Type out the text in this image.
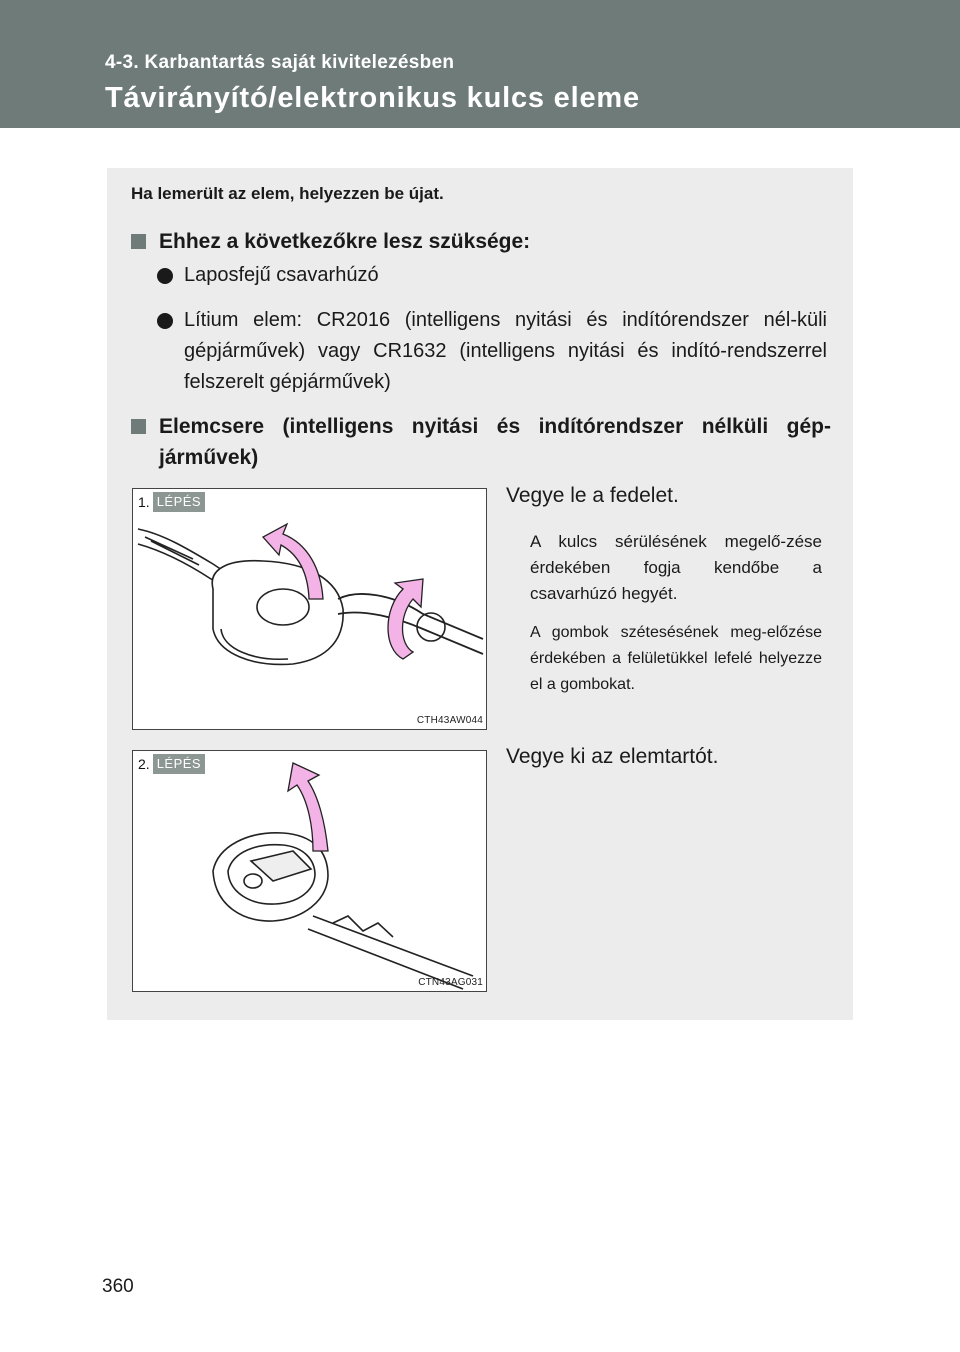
4-3. Karbantartás saját kivitelezésben
Távirányító/elektronikus kulcs eleme
Ha lemerült az elem, helyezzen be újat.
Ehhez a következőkre lesz szüksége:
Laposfejű csavarhúzó
Lítium elem: CR2016 (intelligens nyitási és indítórendszer nél-küli gépjárművek) vagy CR1632 (intelligens nyitási és indító-rendszerrel felszerelt gépjárművek)
Elemcsere (intelligens nyitási és indítórendszer nélküli gép-járművek)
1. LÉPÉS
CTH43AW044
Vegye le a fedelet.
A kulcs sérülésének megelő-zése érdekében fogja kendőbe a csavarhúzó hegyét.
A gombok szétesésének meg-előzése érdekében a felületükkel lefelé helyezze el a gombokat.
2. LÉPÉS
CTN43AG031
Vegye ki az elemtartót.
360
